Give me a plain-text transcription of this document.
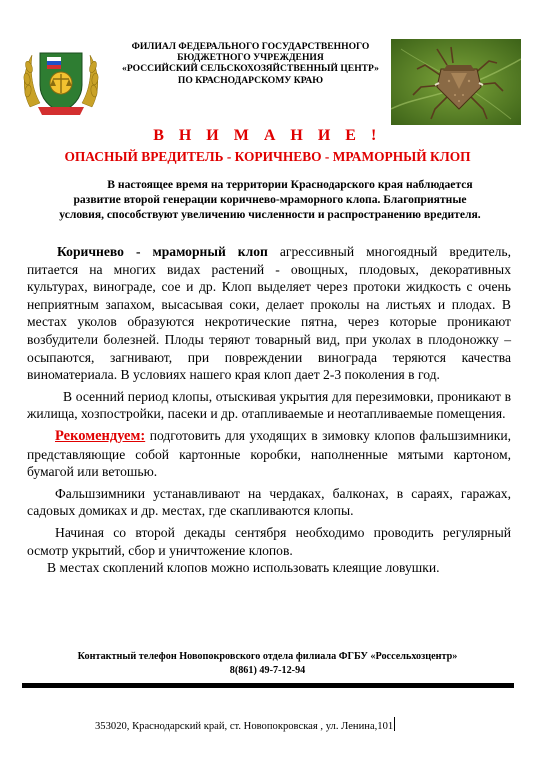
ФИЛИАЛ ФЕДЕРАЛЬНОГО ГОСУДАРСТВЕННОГО
БЮДЖЕТНОГО УЧРЕЖДЕНИЯ
«РОССИЙСКИЙ СЕЛЬСКОХОЗЯЙСТВЕННЫЙ ЦЕНТР»
ПО КРАСНОДАРСКОМУ КРАЮ
В Н И М А Н И Е !
ОПАСНЫЙ ВРЕДИТЕЛЬ - КОРИЧНЕВО - МРАМОРНЫЙ КЛОП
В настоящее время на территории Краснодарского края наблюдается
развитие второй генерации коричнево-мраморного клопа. Благоприятные
условия, способствуют увеличению численности и распространению вредителя.

Коричнево - мраморный клоп агрессивный многоядный вредитель, питается на многих видах растений - овощных, плодовых, декоративных культурах, винограде, сое и др. Клоп выделяет через протоки жидкость с очень неприятным запахом, высасывая соки, делает проколы на листьях и плодах. В местах уколов образуются некротические пятна, через которые проникают возбудители болезней. Плоды теряют товарный вид, при уколах в плодоножку – осыпаются, загнивают, при повреждении винограда теряются качества виноматериала. В условиях нашего края клоп дает 2-3 поколения в год.

В осенний период клопы, отыскивая укрытия для перезимовки, проникают в жилища, хозпостройки, пасеки и др. отапливаемые и неотапливаемые помещения.

Рекомендуем: подготовить для уходящих в зимовку клопов фальшзимники, представляющие собой картонные коробки, наполненные мятыми картоном, бумагой или ветошью.

Фальшзимники устанавливают на чердаках, балконах, в сараях, гаражах, садовых домиках и др. местах, где скапливаются клопы.

Начиная со второй декады сентября необходимо проводить регулярный осмотр укрытий, сбор и уничтожение клопов.

В местах скоплений клопов можно использовать клеящие ловушки.

Контактный телефон Новопокровского отдела филиала ФГБУ «Россельхозцентр»
8(861) 49-7-12-94
353020, Краснодарский край, ст. Новопокровская , ул. Ленина,101
